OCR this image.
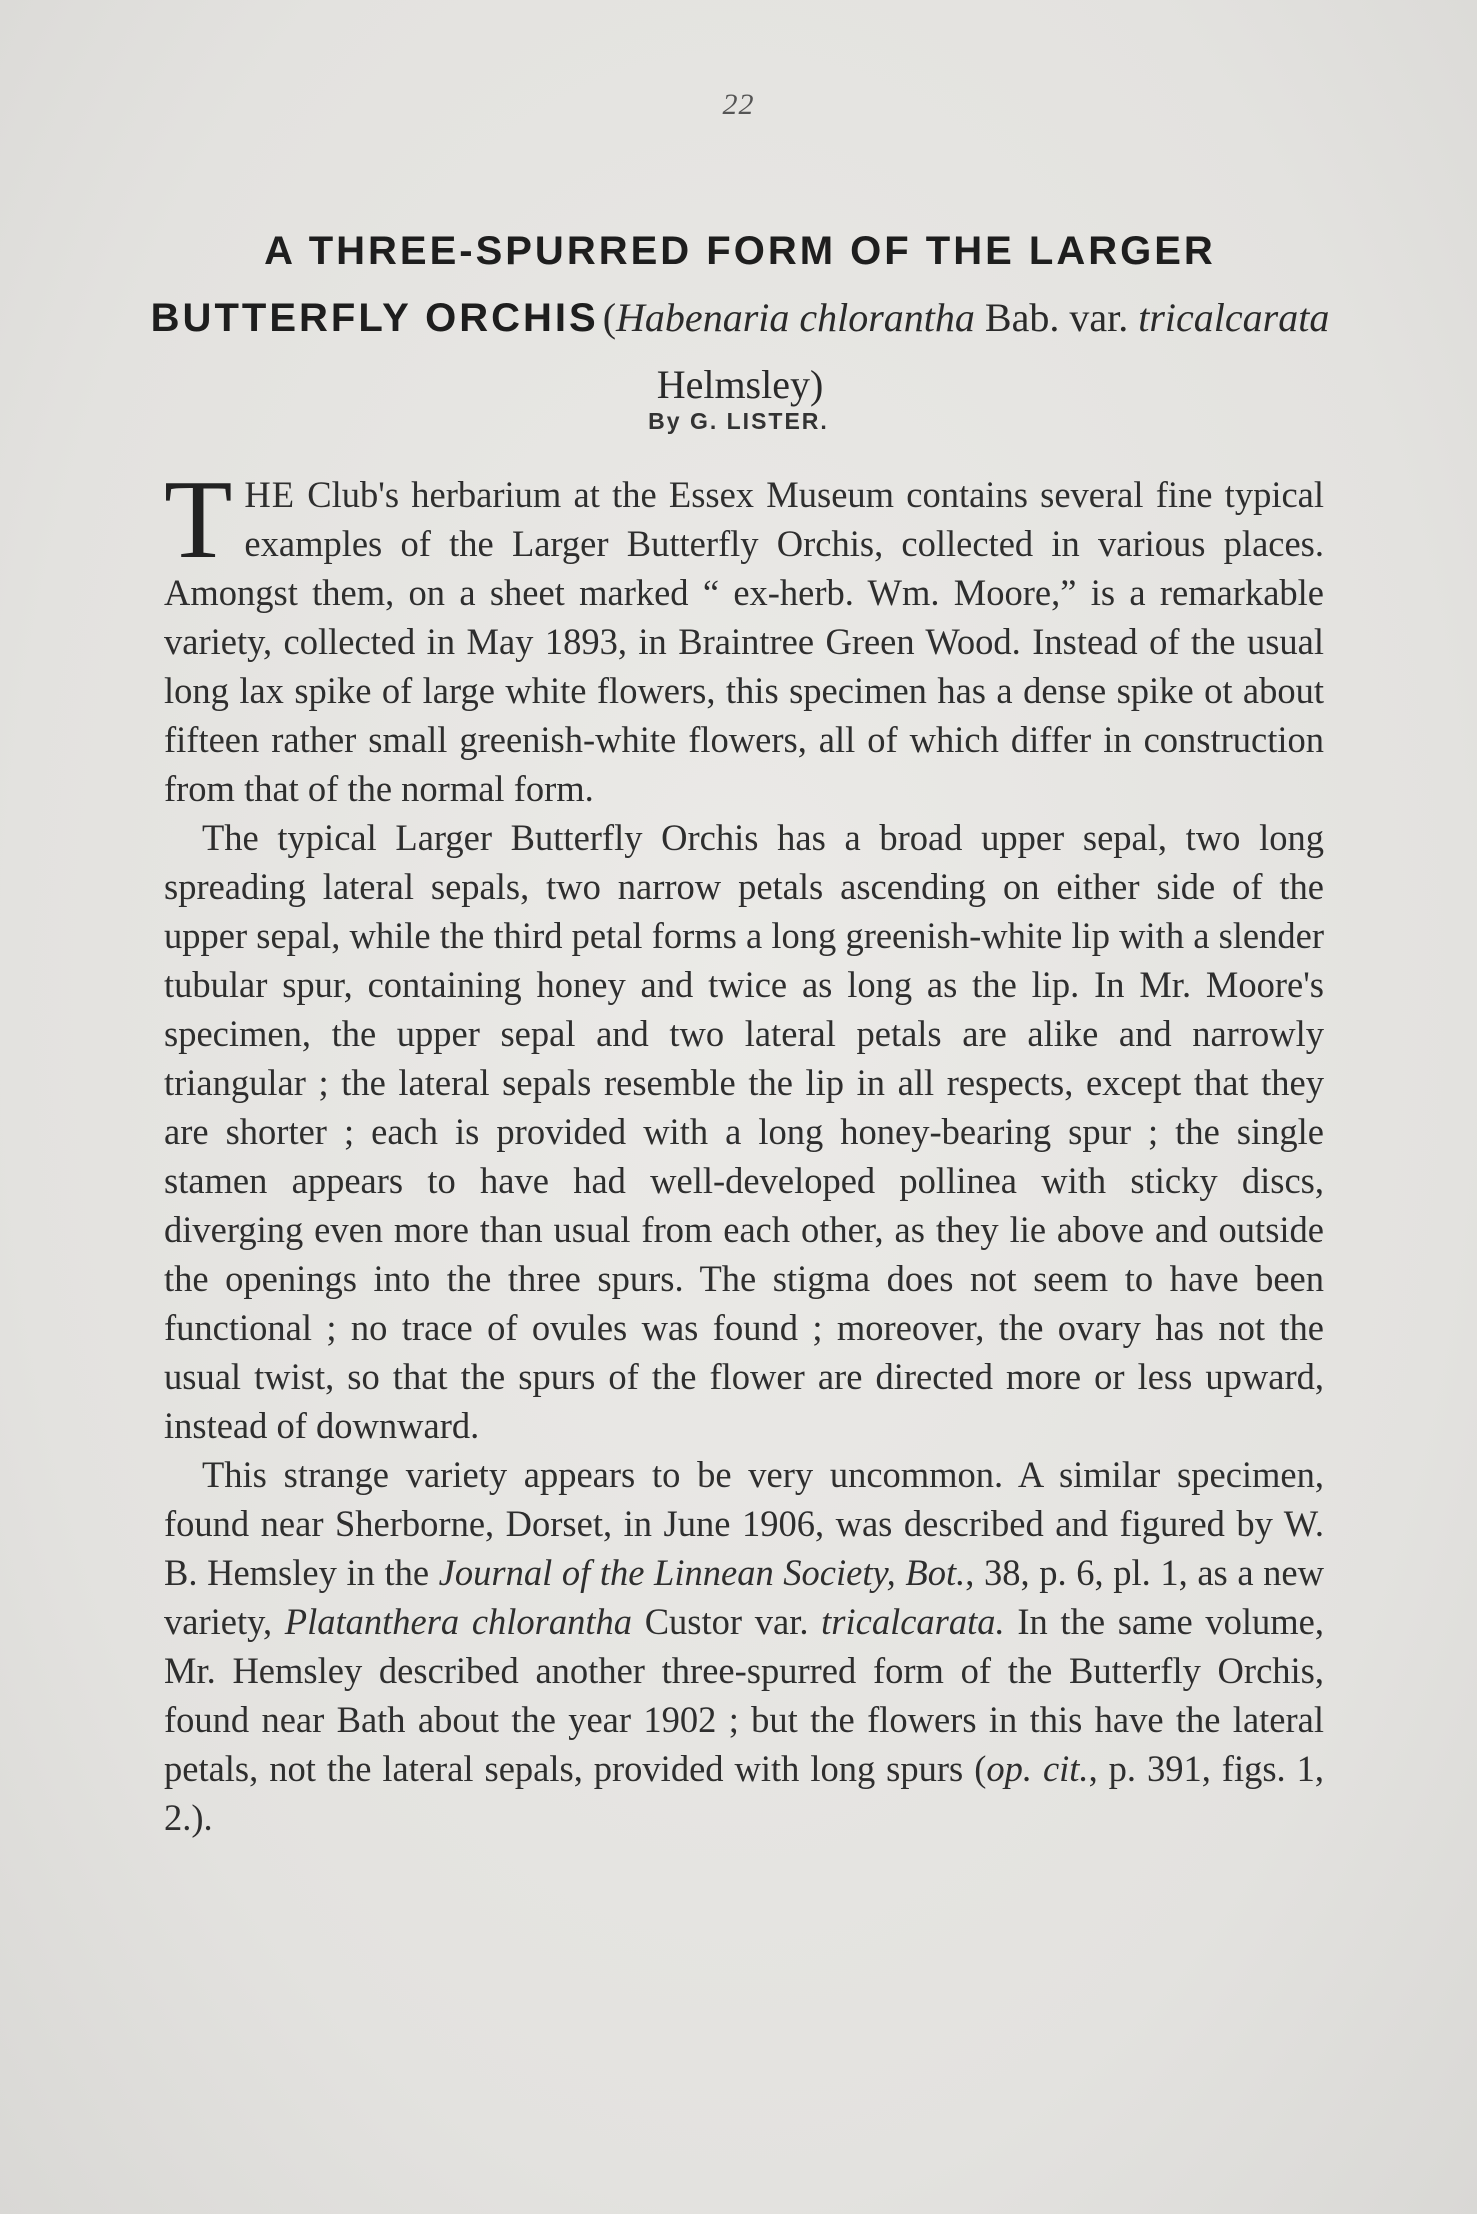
22
A THREE-SPURRED FORM OF THE LARGER BUTTERFLY ORCHIS (Habenaria chlorantha Bab. var. tricalcarata Helmsley)
By G. LISTER.

THE Club's herbarium at the Essex Museum contains several fine typical examples of the Larger Butterfly Orchis, collected in various places. Amongst them, on a sheet marked “ ex-herb. Wm. Moore,” is a remarkable variety, collected in May 1893, in Braintree Green Wood. Instead of the usual long lax spike of large white flowers, this specimen has a dense spike ot about fifteen rather small greenish-white flowers, all of which differ in construction from that of the normal form.

The typical Larger Butterfly Orchis has a broad upper sepal, two long spreading lateral sepals, two narrow petals ascending on either side of the upper sepal, while the third petal forms a long greenish-white lip with a slender tubular spur, containing honey and twice as long as the lip. In Mr. Moore's specimen, the upper sepal and two lateral petals are alike and narrowly triangular ; the lateral sepals resemble the lip in all respects, except that they are shorter ; each is provided with a long honey-bearing spur ; the single stamen appears to have had well-developed pollinea with sticky discs, diverging even more than usual from each other, as they lie above and outside the openings into the three spurs. The stigma does not seem to have been functional ; no trace of ovules was found ; moreover, the ovary has not the usual twist, so that the spurs of the flower are directed more or less upward, instead of downward.

This strange variety appears to be very uncommon. A similar specimen, found near Sherborne, Dorset, in June 1906, was described and figured by W. B. Hemsley in the Journal of the Linnean Society, Bot., 38, p. 6, pl. 1, as a new variety, Platanthera chlorantha Custor var. tricalcarata. In the same volume, Mr. Hemsley described another three-spurred form of the Butterfly Orchis, found near Bath about the year 1902 ; but the flowers in this have the lateral petals, not the lateral sepals, provided with long spurs (op. cit., p. 391, figs. 1, 2.).
